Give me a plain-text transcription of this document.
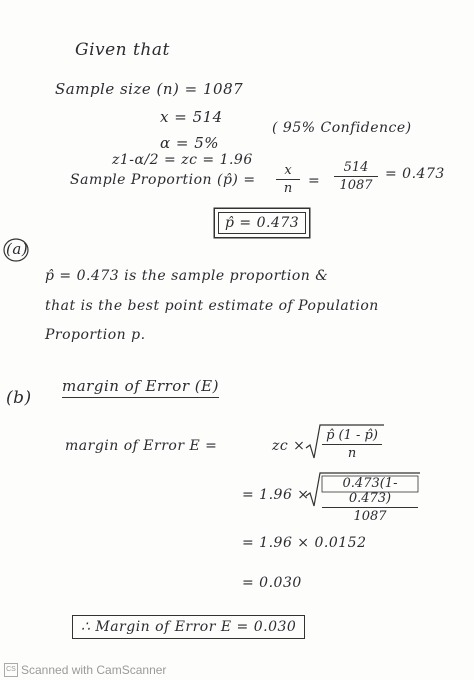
Given that
Sample size (n) = 1087
x = 514
α = 5%
( 95% Confidence)
z1-α/2 = zc = 1.96
Sample Proportion (p̂) =
x
n	=
514
1087
= 0.473
p̂ = 0.473
(a)
p̂ = 0.473 is the sample proportion &
that is the best point estimate of Population
Proportion p.
(b)
margin of Error (E)
margin of Error E =	zc ×
p̂ (1 - p̂)
n
= 1.96 ×
0.473(1-0.473)
1087
= 1.96 × 0.0152
= 0.030
∴ Margin of Error E = 0.030
CS Scanned with CamScanner
